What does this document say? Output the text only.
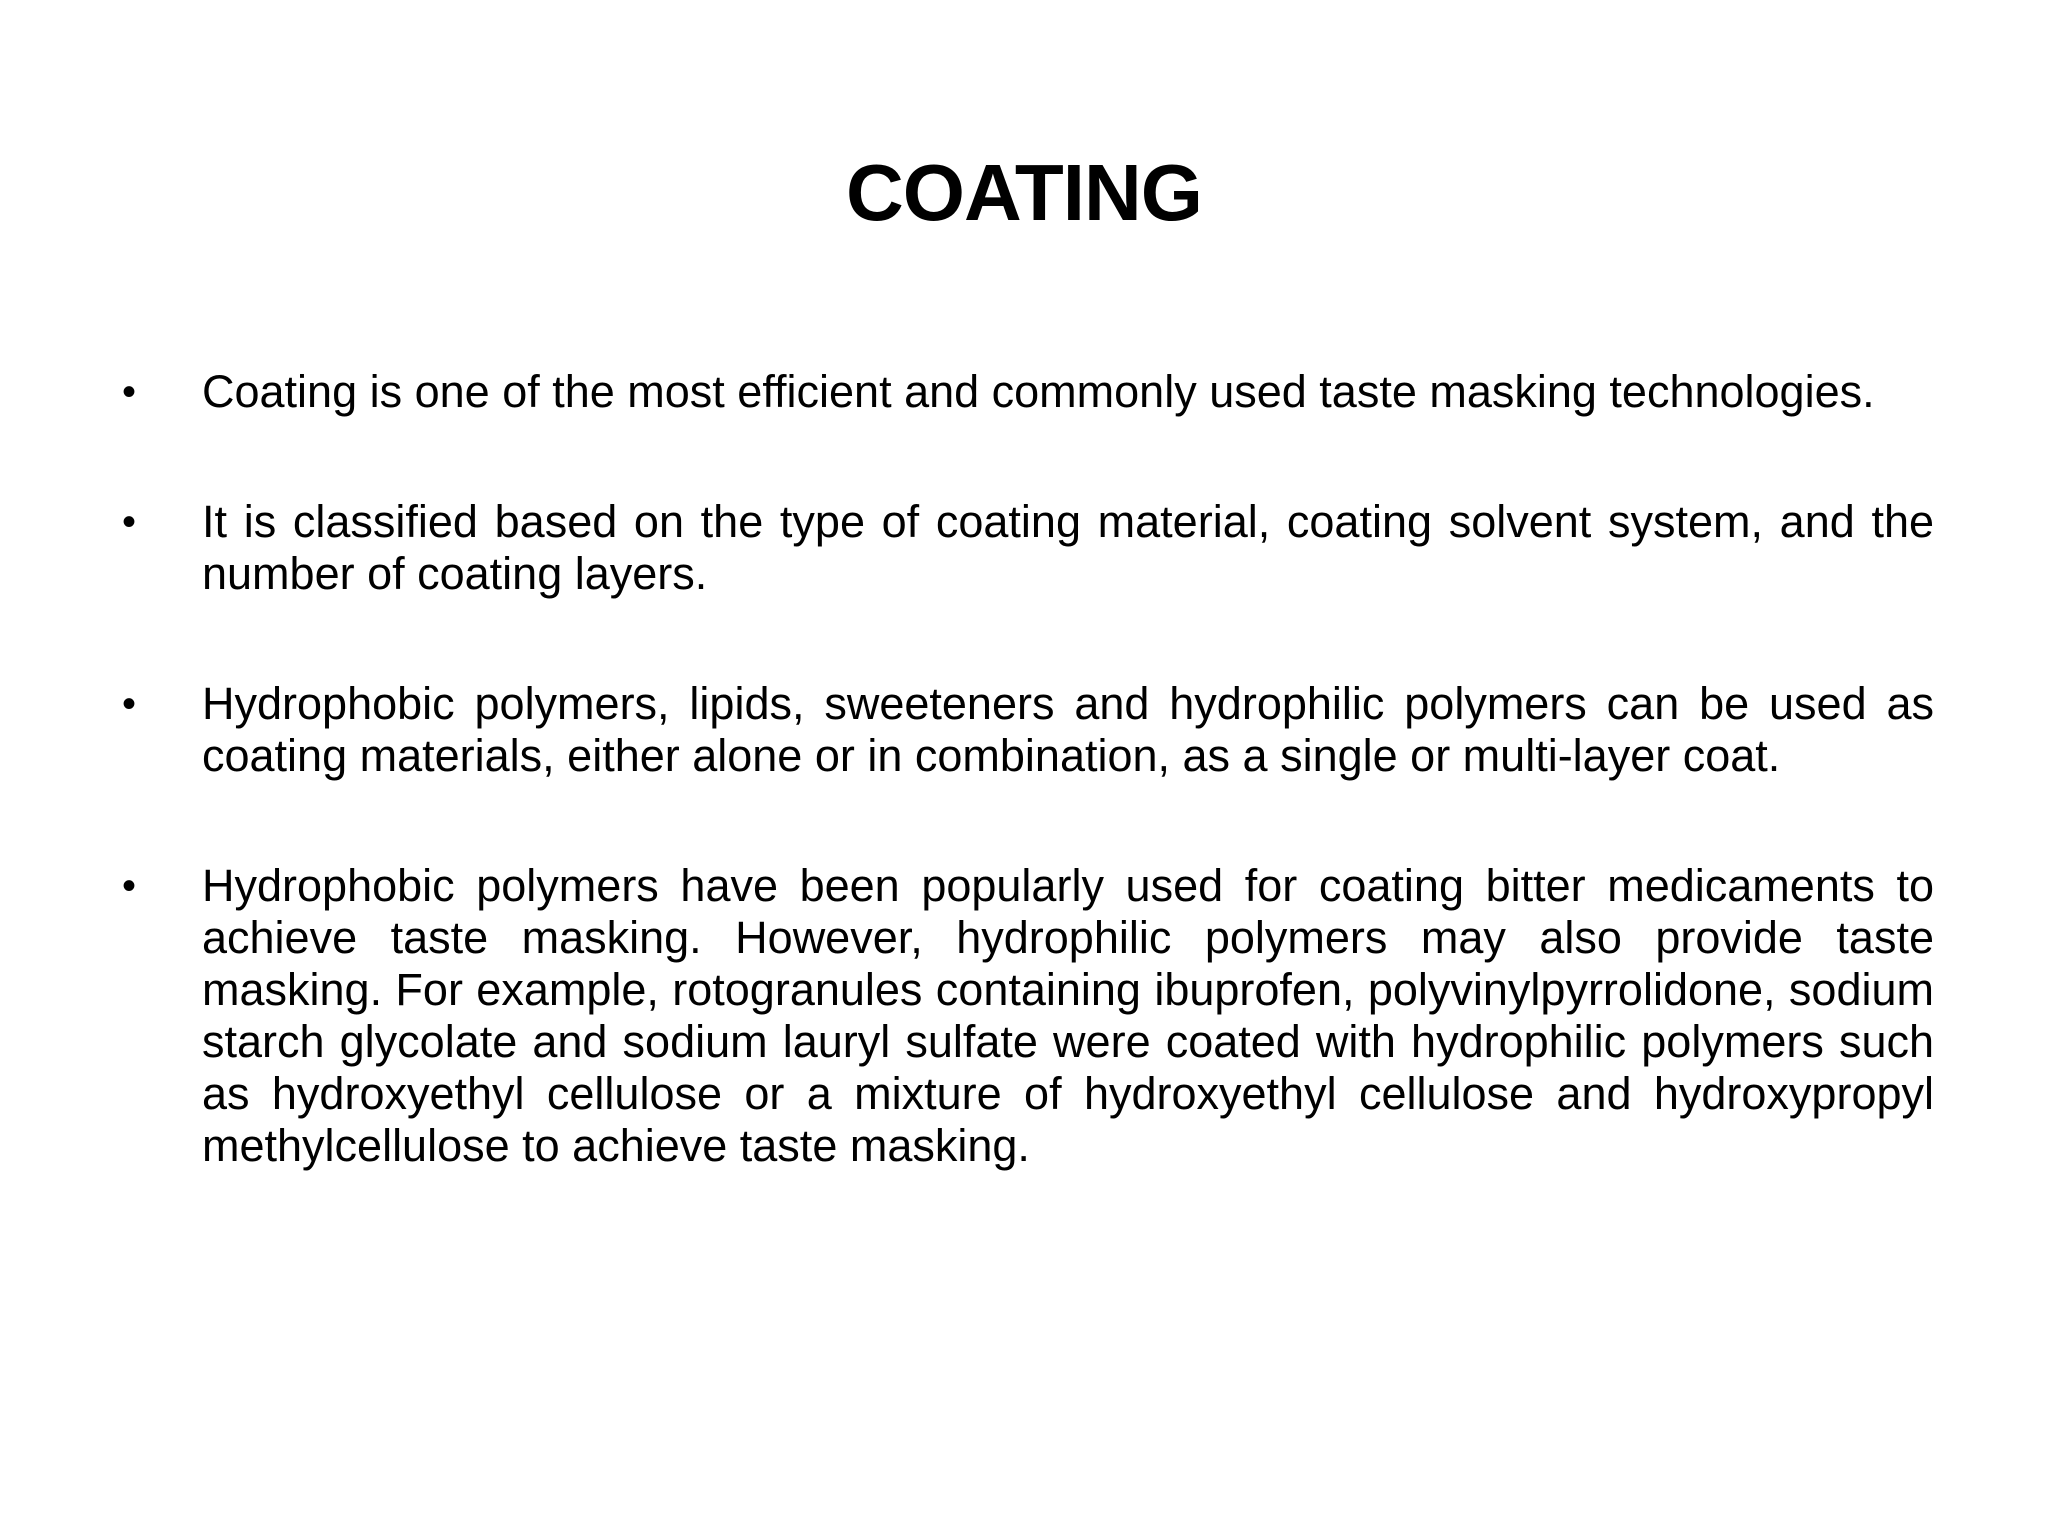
COATING
•	Coating is one of the most efficient and commonly used taste masking technologies.
•	It is classified based on the type of coating material, coating solvent system, and the number of coating layers.
•	Hydrophobic polymers, lipids, sweeteners and hydrophilic polymers can be used as coating materials, either alone or in combination, as a single or multi-layer coat.
•	Hydrophobic polymers have been popularly used for coating bitter medicaments to achieve taste masking. However, hydrophilic polymers may also provide taste masking. For example, rotogranules containing ibuprofen, polyvinylpyrrolidone, sodium starch glycolate and sodium lauryl sulfate were coated with hydrophilic polymers such as hydroxyethyl cellulose or a mixture of hydroxyethyl cellulose and hydroxypropyl methylcellulose to achieve taste masking.
